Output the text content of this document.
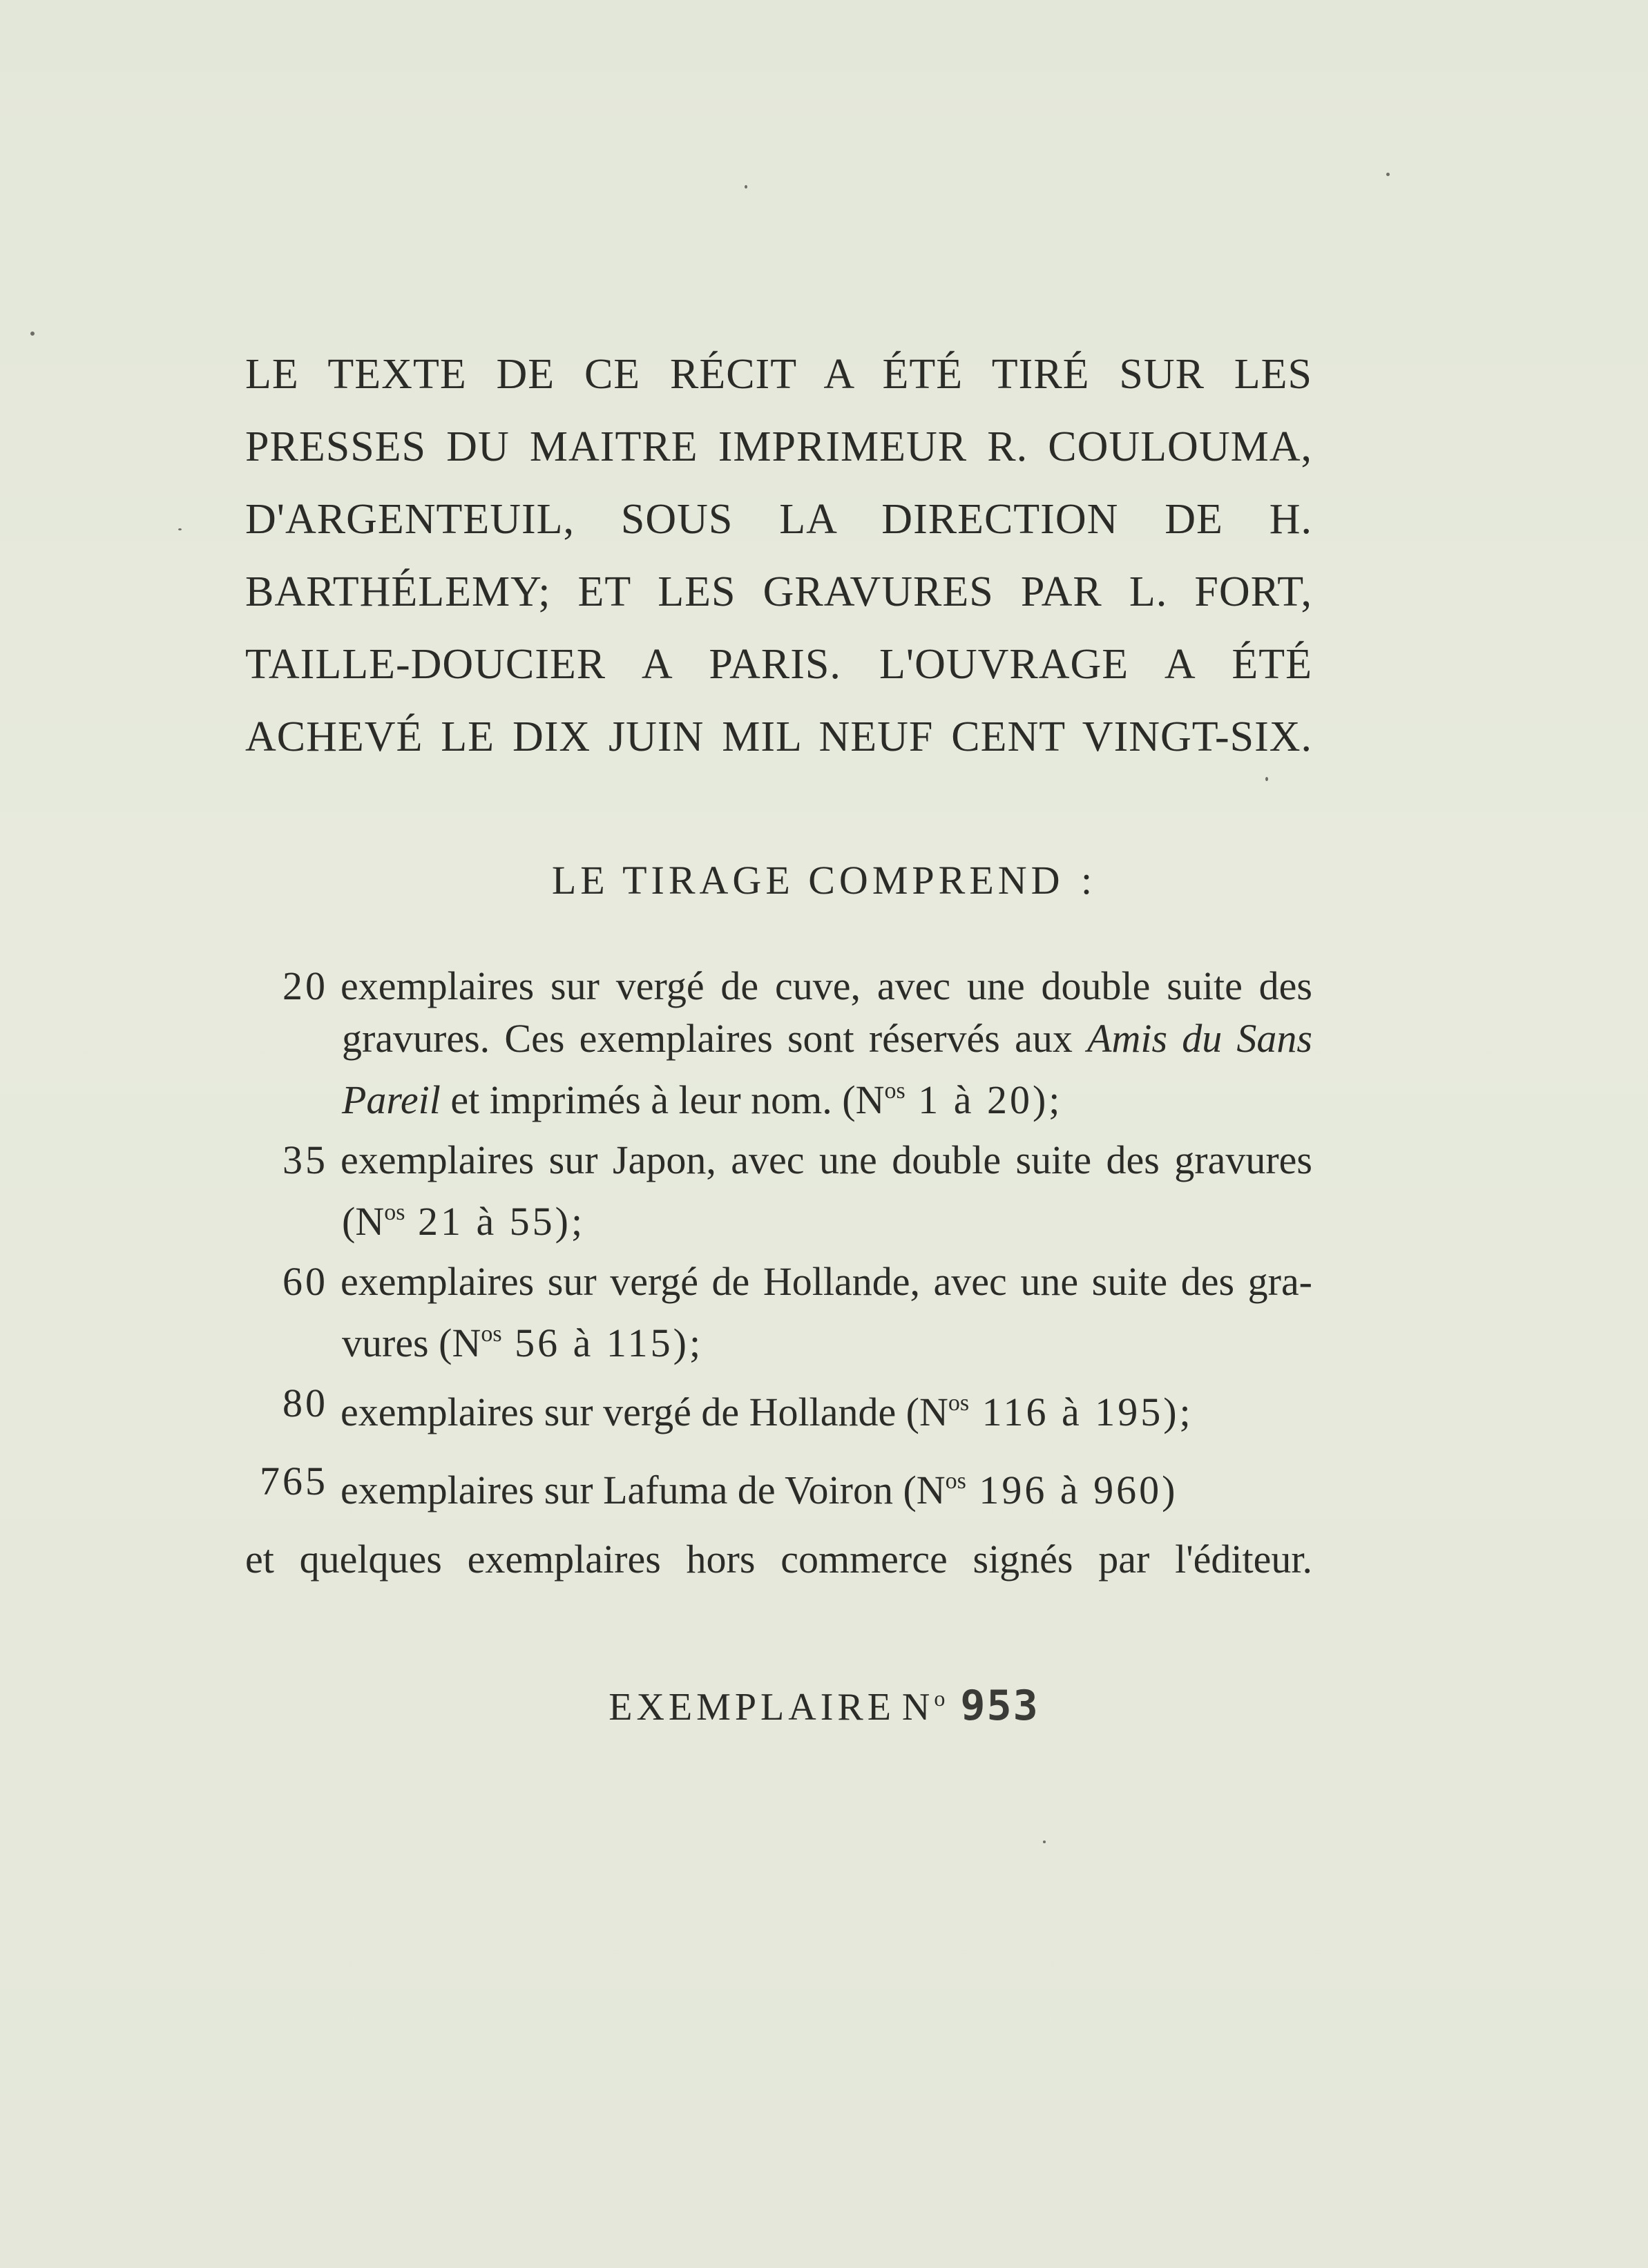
LE TEXTE DE CE RÉCIT A ÉTÉ TIRÉ SUR LES
PRESSES DU MAITRE IMPRIMEUR R. COULOUMA,
D'ARGENTEUIL, SOUS LA DIRECTION DE H.
BARTHÉLEMY; ET LES GRAVURES PAR L. FORT,
TAILLE-DOUCIER A PARIS. L'OUVRAGE A ÉTÉ
ACHEVÉ LE DIX JUIN MIL NEUF CENT VINGT-SIX.
LE TIRAGE COMPREND :
20 exemplaires sur vergé de cuve, avec une double suite des
gravures. Ces exemplaires sont réservés aux Amis du Sans
Pareil et imprimés à leur nom. ($N^{os}$ 1 à 20);
35 exemplaires sur Japon, avec une double suite des gravures
($N^{os}$ 21 à 55);
60 exemplaires sur vergé de Hollande, avec une suite des gra-
vures ($N^{os}$ 56 à 115);
80 exemplaires sur vergé de Hollande ($N^{os}$ 116 à 195);
765 exemplaires sur Lafuma de Voiron ($N^{os}$ 196 à 960)
et quelques exemplaires hors commerce signés par l'éditeur.
EXEMPLAIRE $N^o$ 953
